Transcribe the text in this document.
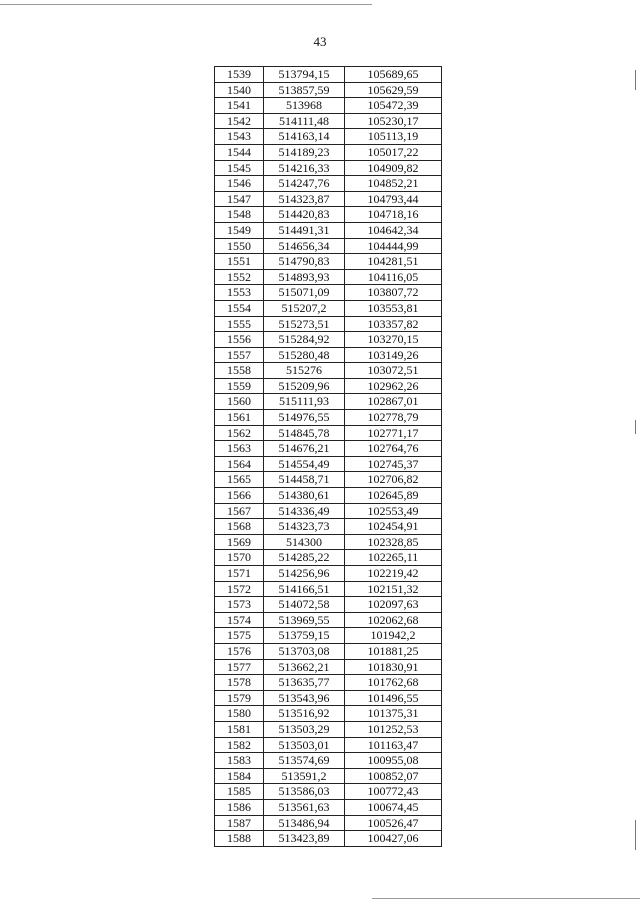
43
1539	513794,15	105689,65
1540	513857,59	105629,59
1541	513968	105472,39
1542	514111,48	105230,17
1543	514163,14	105113,19
1544	514189,23	105017,22
1545	514216,33	104909,82
1546	514247,76	104852,21
1547	514323,87	104793,44
1548	514420,83	104718,16
1549	514491,31	104642,34
1550	514656,34	104444,99
1551	514790,83	104281,51
1552	514893,93	104116,05
1553	515071,09	103807,72
1554	515207,2	103553,81
1555	515273,51	103357,82
1556	515284,92	103270,15
1557	515280,48	103149,26
1558	515276	103072,51
1559	515209,96	102962,26
1560	515111,93	102867,01
1561	514976,55	102778,79
1562	514845,78	102771,17
1563	514676,21	102764,76
1564	514554,49	102745,37
1565	514458,71	102706,82
1566	514380,61	102645,89
1567	514336,49	102553,49
1568	514323,73	102454,91
1569	514300	102328,85
1570	514285,22	102265,11
1571	514256,96	102219,42
1572	514166,51	102151,32
1573	514072,58	102097,63
1574	513969,55	102062,68
1575	513759,15	101942,2
1576	513703,08	101881,25
1577	513662,21	101830,91
1578	513635,77	101762,68
1579	513543,96	101496,55
1580	513516,92	101375,31
1581	513503,29	101252,53
1582	513503,01	101163,47
1583	513574,69	100955,08
1584	513591,2	100852,07
1585	513586,03	100772,43
1586	513561,63	100674,45
1587	513486,94	100526,47
1588	513423,89	100427,06
